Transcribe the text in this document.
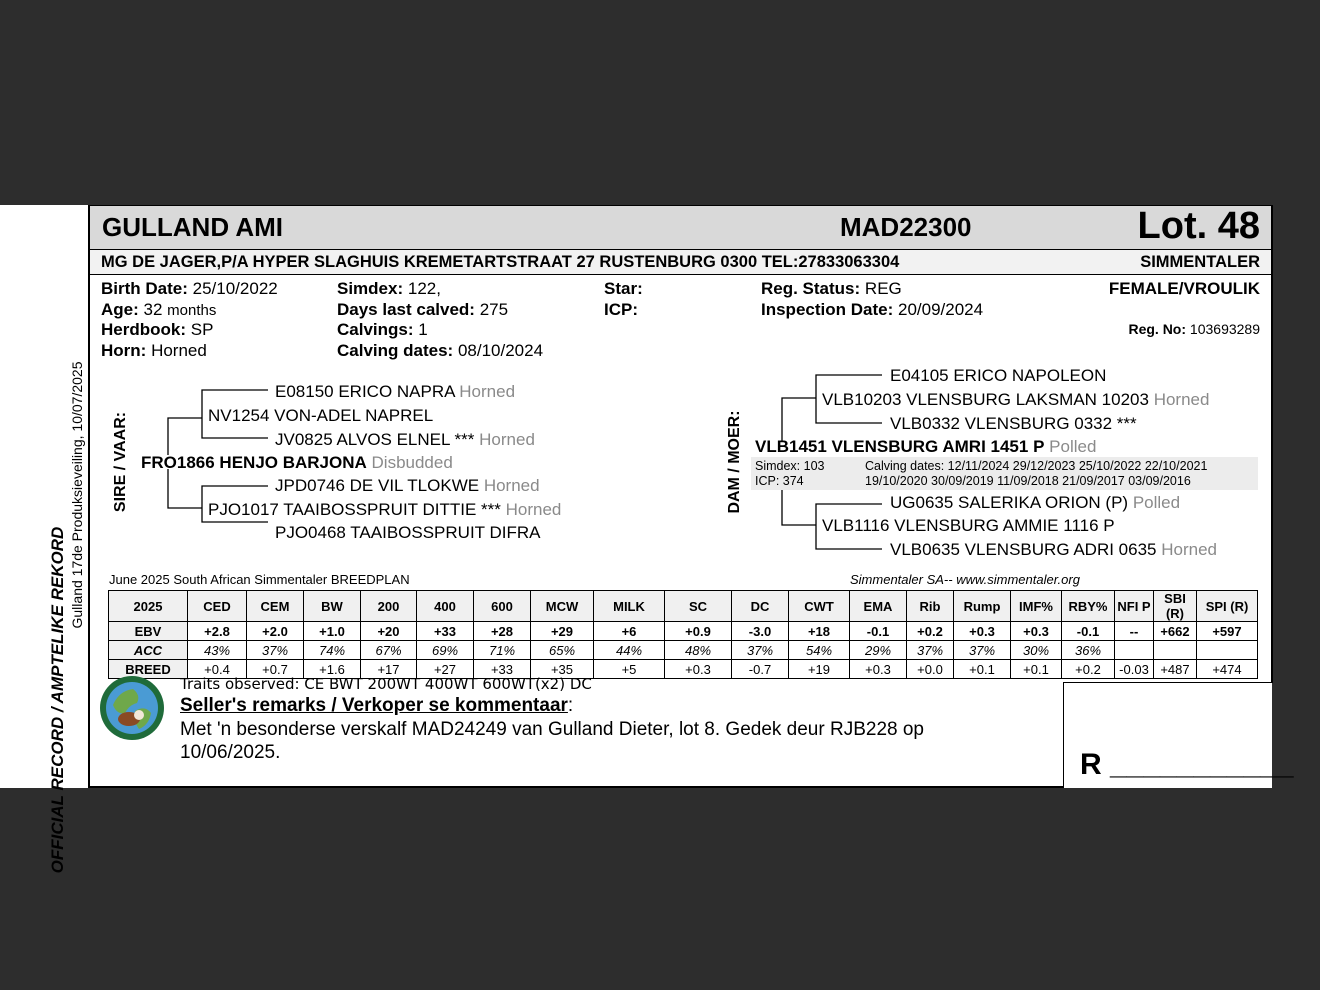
OFFICIAL RECORD / AMPTELIKE REKORD
Gulland 17de Produksieveiling, 10/07/2025
GULLAND AMI	MAD22300	Lot. 48
MG DE JAGER,P/A HYPER SLAGHUIS KREMETARTSTRAAT 27 RUSTENBURG 0300 TEL:27833063304	SIMMENTALER
Birth Date: 25/10/2022
Age: 32 months
Herdbook: SP
Horn: Horned
Simdex: 122,
Days last calved: 275
Calvings: 1
Calving dates: 08/10/2024
Star:
ICP:
Reg. Status: REG
Inspection Date: 20/09/2024
FEMALE/VROULIK
Reg. No: 103693289
SIRE / VAAR:
E08150 ERICO NAPRA Horned
NV1254 VON-ADEL NAPREL
JV0825 ALVOS ELNEL *** Horned
FRO1866 HENJO BARJONA Disbudded
JPD0746 DE VIL TLOKWE Horned
PJO1017 TAAIBOSSPRUIT DITTIE *** Horned
PJO0468 TAAIBOSSPRUIT DIFRA
DAM / MOER:
E04105 ERICO NAPOLEON
VLB10203 VLENSBURG LAKSMAN 10203 Horned
VLB0332 VLENSBURG 0332 ***
VLB1451 VLENSBURG AMRI 1451 P Polled
Simdex: 103
ICP: 374
Calving dates: 12/11/2024 29/12/2023 25/10/2022 22/10/2021
19/10/2020 30/09/2019 11/09/2018 21/09/2017 03/09/2016
UG0635 SALERIKA ORION (P) Polled
VLB1116 VLENSBURG AMMIE 1116 P
VLB0635 VLENSBURG ADRI 0635 Horned
June 2025 South African Simmentaler BREEDPLAN	Simmentaler SA-- www.simmentaler.org
2025	CED	CEM	BW	200	400	600	MCW	MILK	SC	DC	CWT	EMA	Rib	Rump	IMF%	RBY%	NFI P	SBI (R)	SPI (R)
EBV	+2.8	+2.0	+1.0	+20	+33	+28	+29	+6	+0.9	-3.0	+18	-0.1	+0.2	+0.3	+0.3	-0.1	--	+662	+597
ACC	43%	37%	74%	67%	69%	71%	65%	44%	48%	37%	54%	29%	37%	37%	30%	36%			
BREED	+0.4	+0.7	+1.6	+17	+27	+33	+35	+5	+0.3	-0.7	+19	+0.3	+0.0	+0.1	+0.1	+0.2	-0.03	+487	+474
R ___________
Traits observed: CE BWT 200WT 400WT 600WT(x2) DC
Seller's remarks / Verkoper se kommentaar:
Met 'n besonderse verskalf MAD24249 van Gulland Dieter, lot 8. Gedek deur RJB228 op
10/06/2025.
